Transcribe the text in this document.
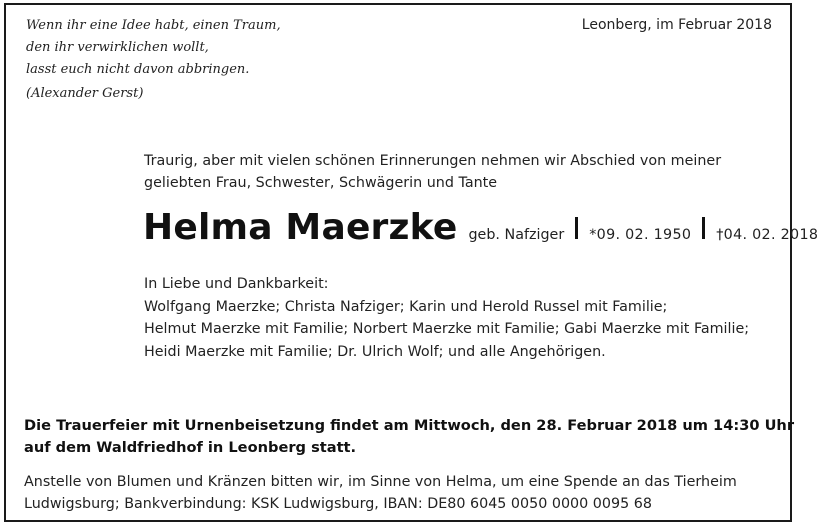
Wenn ihr eine Idee habt, einen Traum,
den ihr verwirklichen wollt,
lasst euch nicht davon abbringen.
(Alexander Gerst)
Leonberg, im Februar 2018
Traurig, aber mit vielen schönen Erinnerungen nehmen wir Abschied von meiner
geliebten Frau, Schwester, Schwägerin und Tante
Helma Maerzke geb. Nafziger *09. 02. 1950 †04. 02. 2018
In Liebe und Dankbarkeit:
Wolfgang Maerzke; Christa Nafziger; Karin und Herold Russel mit Familie;
Helmut Maerzke mit Familie; Norbert Maerzke mit Familie; Gabi Maerzke mit Familie;
Heidi Maerzke mit Familie; Dr. Ulrich Wolf; und alle Angehörigen.
Die Trauerfeier mit Urnenbeisetzung findet am Mittwoch, den 28. Februar 2018 um 14:30 Uhr
auf dem Waldfriedhof in Leonberg statt.
Anstelle von Blumen und Kränzen bitten wir, im Sinne von Helma, um eine Spende an das Tierheim
Ludwigsburg; Bankverbindung: KSK Ludwigsburg, IBAN: DE80 6045 0050 0000 0095 68
